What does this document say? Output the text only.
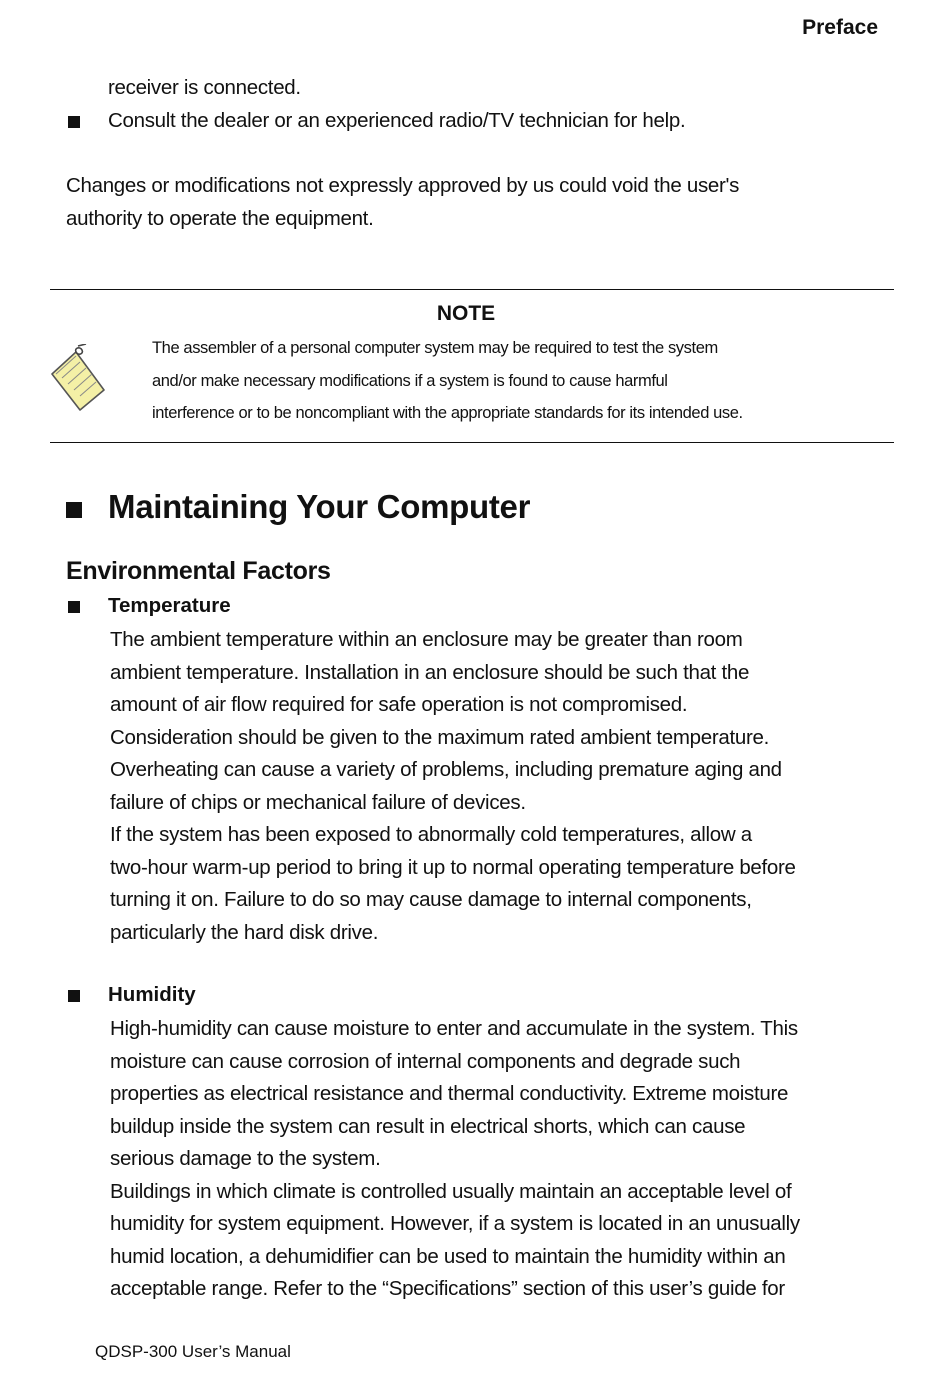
Preface
receiver is connected.
Consult the dealer or an experienced radio/TV technician for help.
Changes or modifications not expressly approved by us could void the user's
authority to operate the equipment.
NOTE
The assembler of a personal computer system may be required to test the system
and/or make necessary modifications if a system is found to cause harmful
interference or to be noncompliant with the appropriate standards for its intended use.
Maintaining Your Computer
Environmental Factors
Temperature
The ambient temperature within an enclosure may be greater than room
ambient temperature. Installation in an enclosure should be such that the
amount of air flow required for safe operation is not compromised.
Consideration should be given to the maximum rated ambient temperature.
Overheating can cause a variety of problems, including premature aging and
failure of chips or mechanical failure of devices.
If the system has been exposed to abnormally cold temperatures, allow a
two-hour warm-up period to bring it up to normal operating temperature before
turning it on. Failure to do so may cause damage to internal components,
particularly the hard disk drive.
Humidity
High-humidity can cause moisture to enter and accumulate in the system. This
moisture can cause corrosion of internal components and degrade such
properties as electrical resistance and thermal conductivity. Extreme moisture
buildup inside the system can result in electrical shorts, which can cause
serious damage to the system.
Buildings in which climate is controlled usually maintain an acceptable level of
humidity for system equipment. However, if a system is located in an unusually
humid location, a dehumidifier can be used to maintain the humidity within an
acceptable range. Refer to the “Specifications” section of this user’s guide for
QDSP-300 User’s Manual
